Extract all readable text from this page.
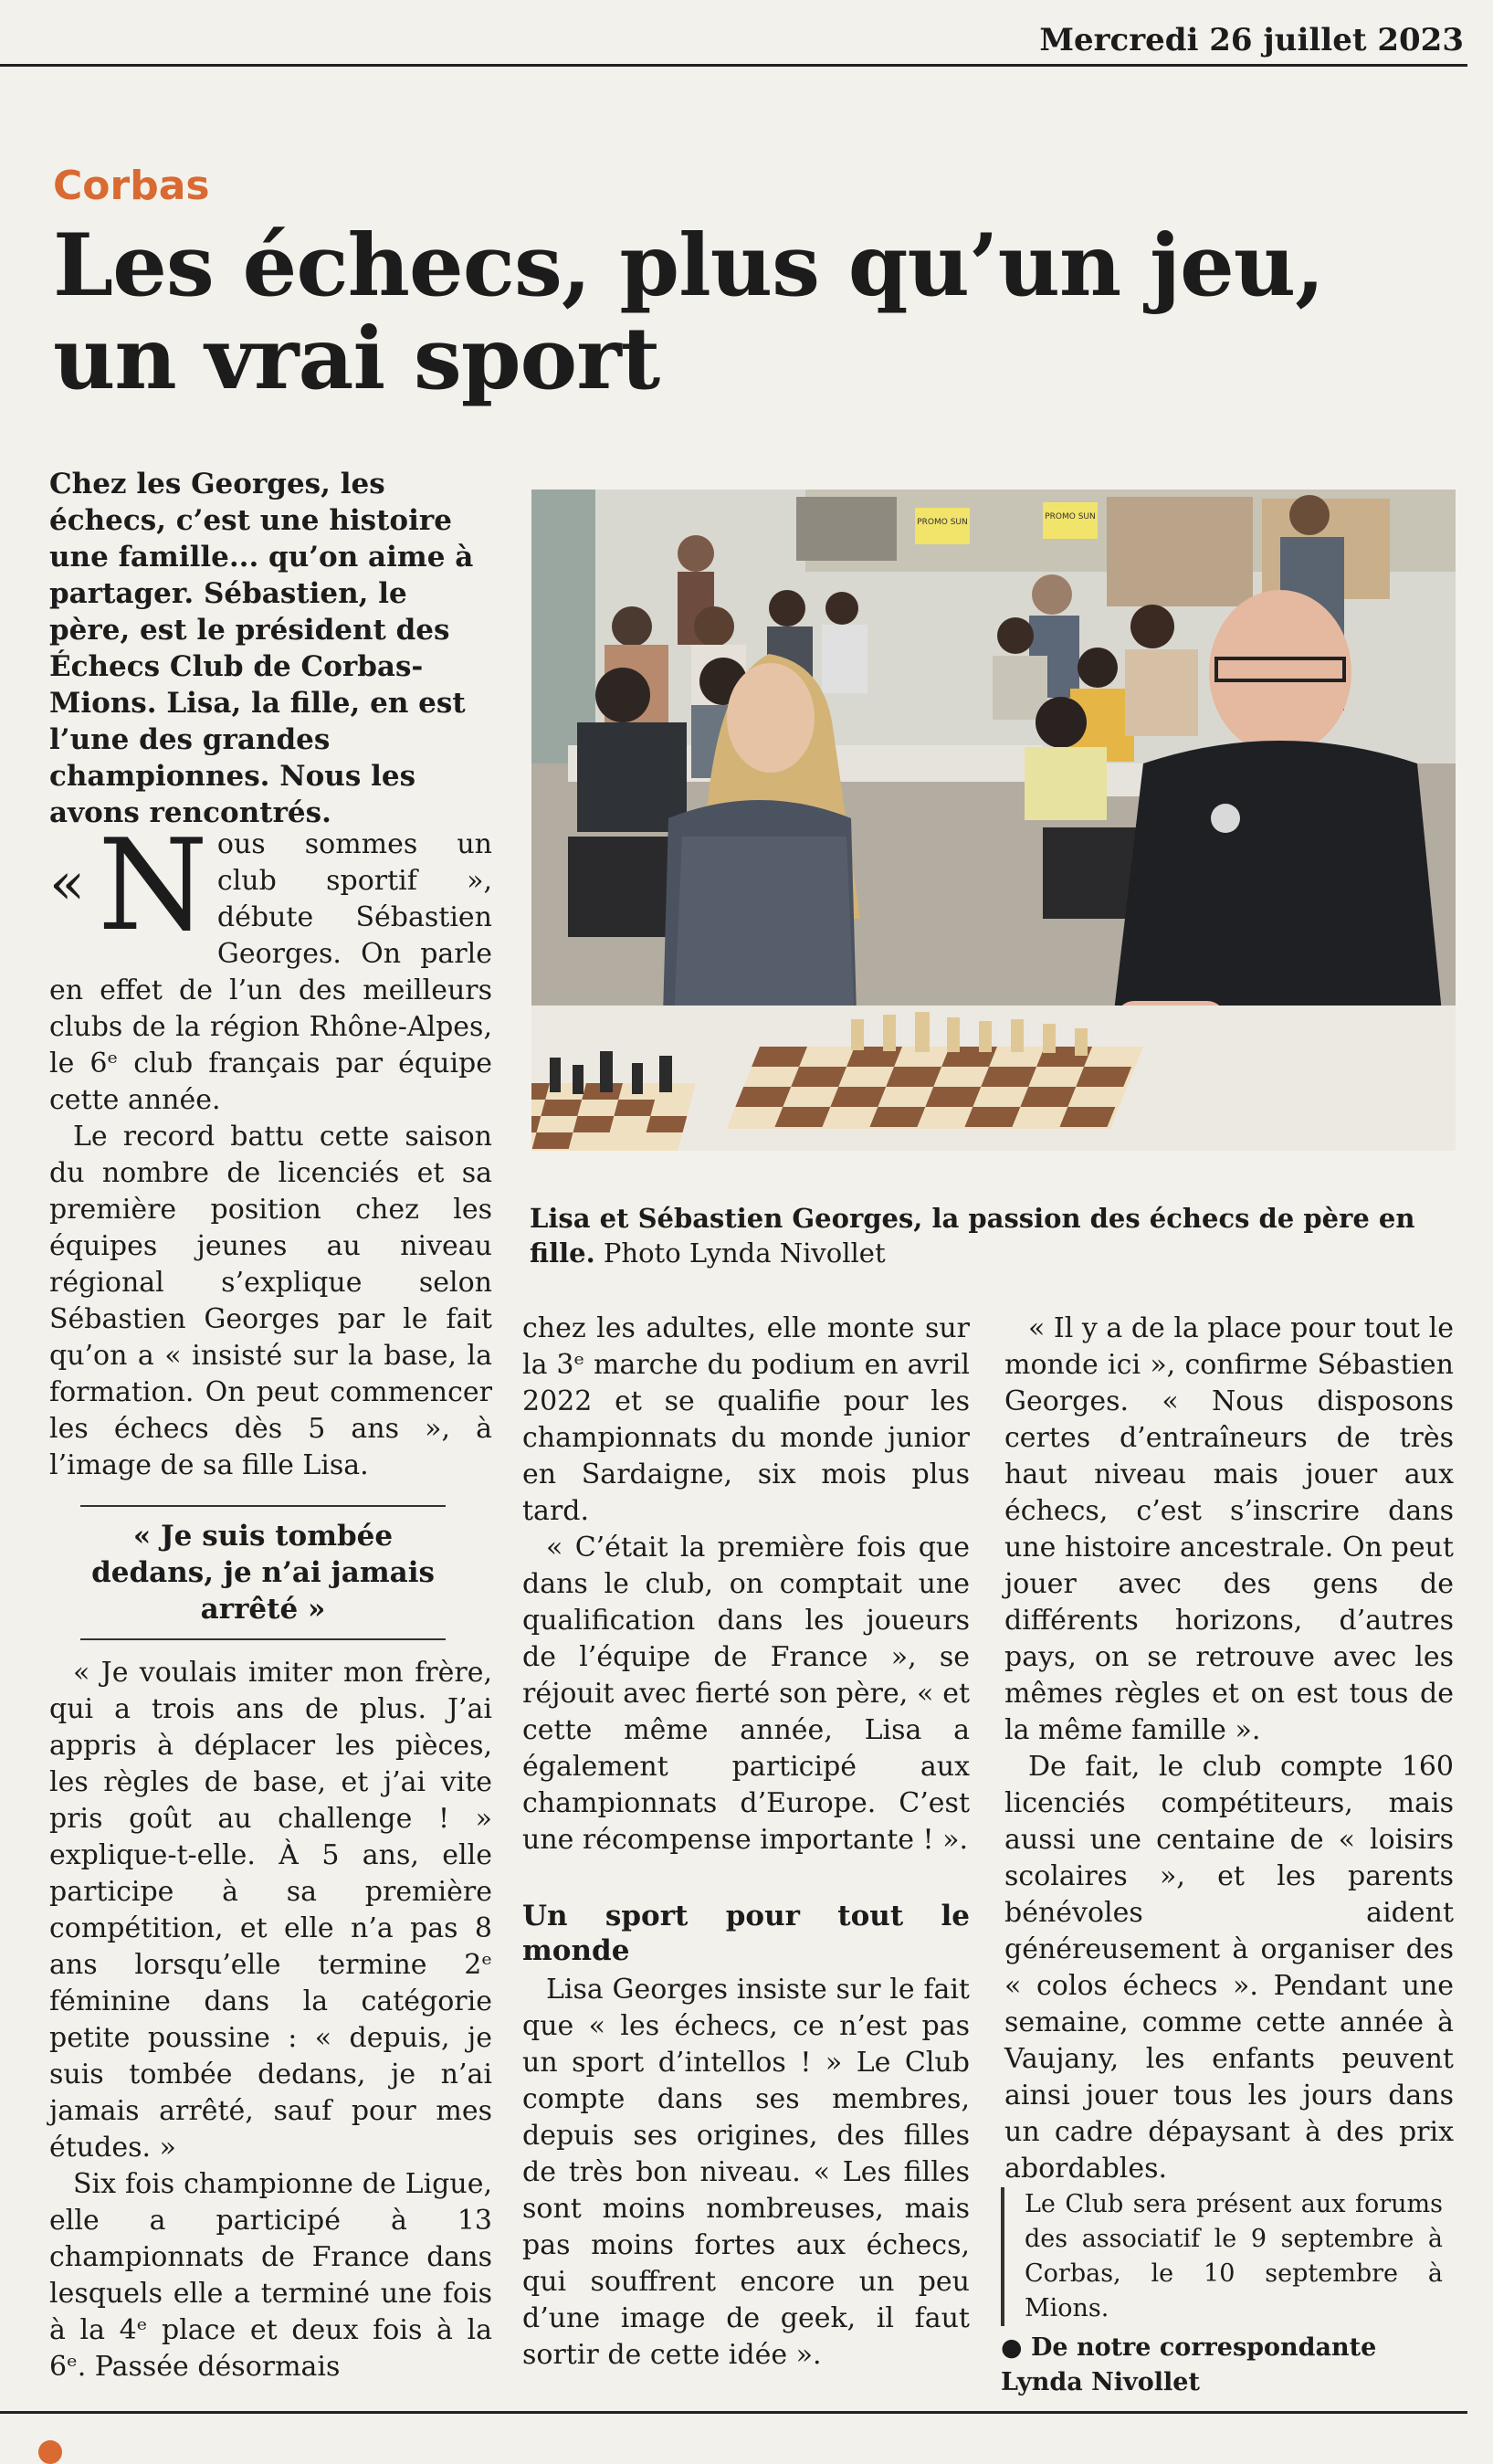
Mercredi 26 juillet 2023
Corbas
Les échecs, plus qu’un jeu, un vrai sport
Chez les Georges, les échecs, c’est une histoire une famille... qu’on aime à partager. Sébastien, le père, est le président des Échecs Club de Corbas-Mions. Lisa, la fille, en est l’une des grandes championnes. Nous les avons rencontrés.
PROMO SUN
PROMO SUN
Lisa et Sébastien Georges, la passion des échecs de père en fille. Photo Lynda Nivollet

« N ous sommes un club sportif », débute Sébastien Georges. On parle en effet de l’un des meilleurs clubs de la région Rhône-Alpes, le 6ᵉ club français par équipe cette année.

Le record battu cette saison du nombre de licenciés et sa première position chez les équipes jeunes au niveau régional s’explique selon Sébastien Georges par le fait qu’on a « insisté sur la base, la formation. On peut commencer les échecs dès 5 ans », à l’image de sa fille Lisa.

« Je suis tombée dedans, je n’ai jamais arrêté »

« Je voulais imiter mon frère, qui a trois ans de plus. J’ai appris à déplacer les pièces, les règles de base, et j’ai vite pris goût au challenge ! » explique-t-elle. À 5 ans, elle participe à sa première compétition, et elle n’a pas 8 ans lorsqu’elle termine 2ᵉ féminine dans la catégorie petite poussine : « depuis, je suis tombée dedans, je n’ai jamais arrêté, sauf pour mes études. »

Six fois championne de Ligue, elle a participé à 13 championnats de France dans lesquels elle a terminé une fois à la 4ᵉ place et deux fois à la 6ᵉ. Passée désormais

chez les adultes, elle monte sur la 3ᵉ marche du podium en avril 2022 et se qualifie pour les championnats du monde junior en Sardaigne, six mois plus tard.

« C’était la première fois que dans le club, on comptait une qualification dans les joueurs de l’équipe de France », se réjouit avec fierté son père, « et cette même année, Lisa a également participé aux championnats d’Europe. C’est une récompense importante ! ».

Un sport pour tout le monde

Lisa Georges insiste sur le fait que « les échecs, ce n’est pas un sport d’intellos ! » Le Club compte dans ses membres, depuis ses origines, des filles de très bon niveau. « Les filles sont moins nombreuses, mais pas moins fortes aux échecs, qui souffrent encore un peu d’une image de geek, il faut sortir de cette idée ».

« Il y a de la place pour tout le monde ici », confirme Sébastien Georges. « Nous disposons certes d’entraîneurs de très haut niveau mais jouer aux échecs, c’est s’inscrire dans une histoire ancestrale. On peut jouer avec des gens de différents horizons, d’autres pays, on se retrouve avec les mêmes règles et on est tous de la même famille ».

De fait, le club compte 160 licenciés compétiteurs, mais aussi une centaine de « loisirs scolaires », et les parents bénévoles aident généreusement à organiser des « colos échecs ». Pendant une semaine, comme cette année à Vaujany, les enfants peuvent ainsi jouer tous les jours dans un cadre dépaysant à des prix abordables.

Le Club sera présent aux forums des associatif le 9 septembre à Corbas, le 10 septembre à Mions.
● De notre correspondante
Lynda Nivollet
